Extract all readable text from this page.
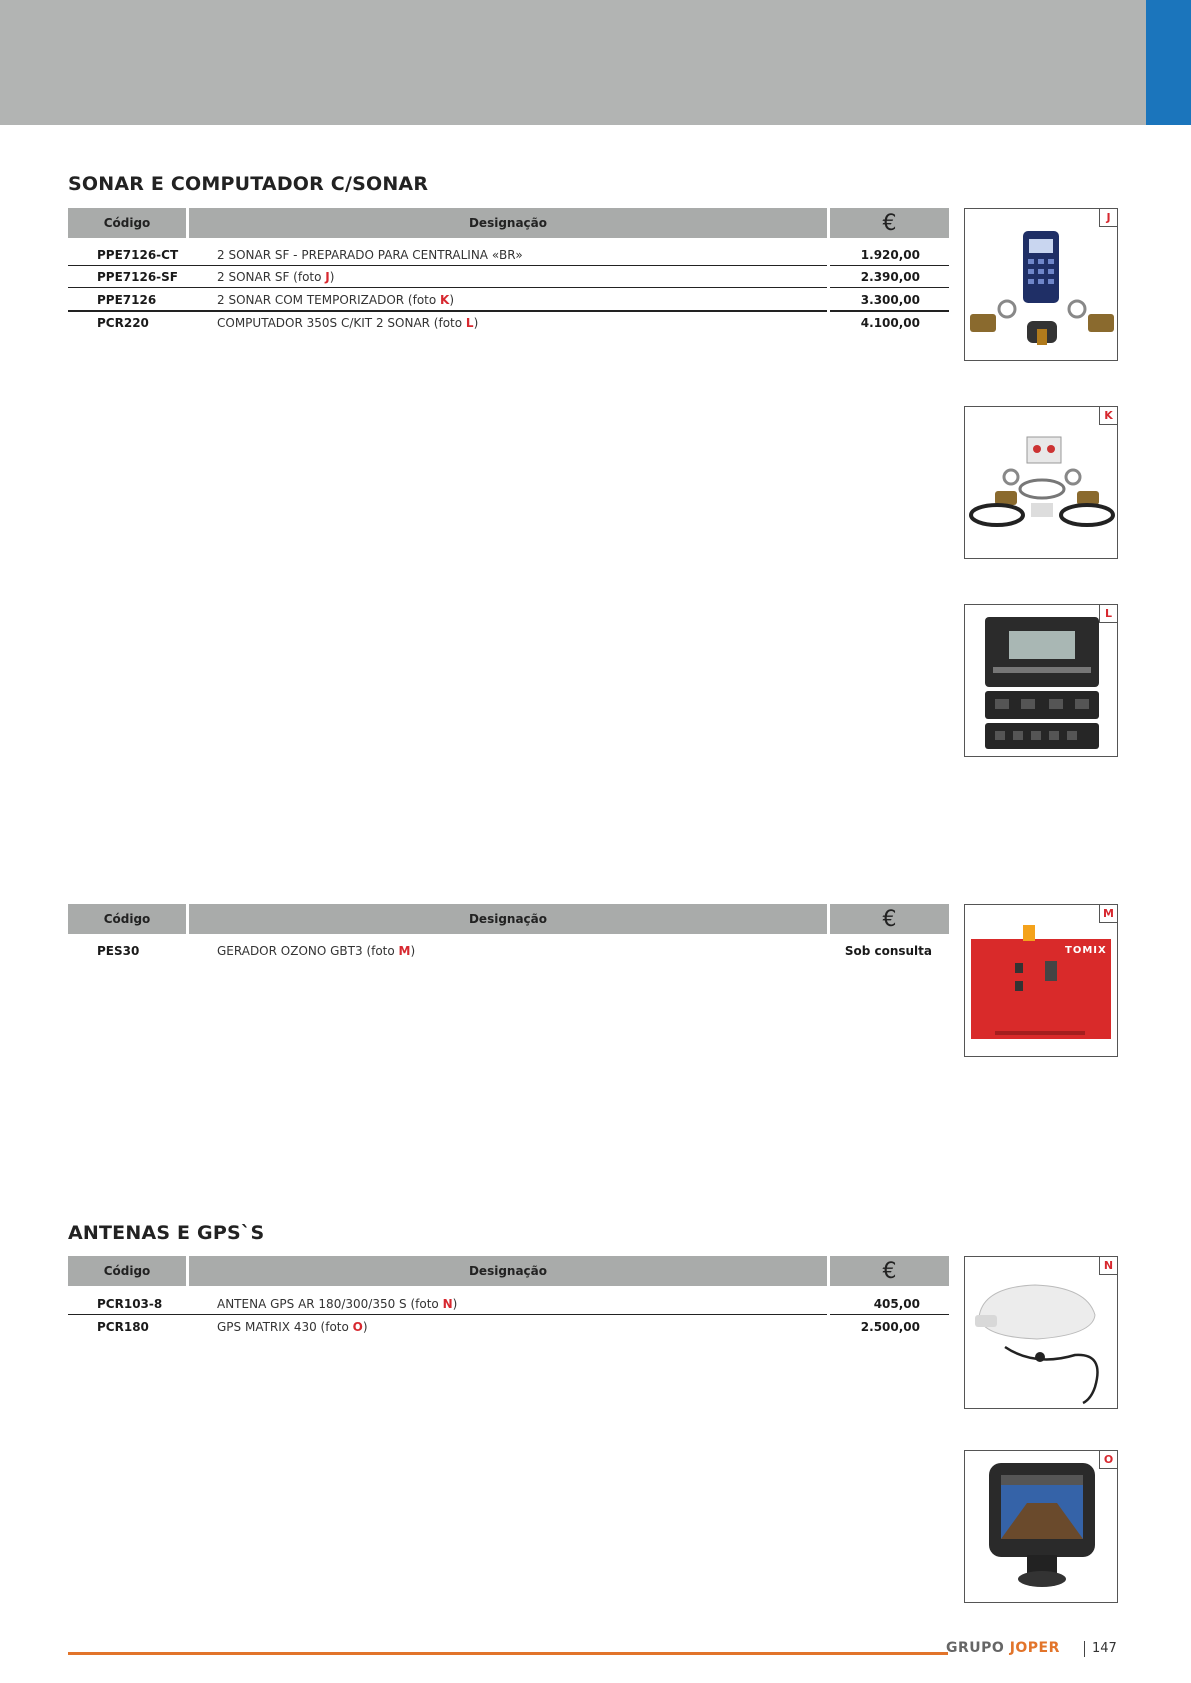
SONAR E COMPUTADOR C/SONAR
Código	Designação	€
PPE7126-CT	2 SONAR SF - PREPARADO PARA CENTRALINA «BR»	1.920,00
PPE7126-SF	2 SONAR SF (foto J)	2.390,00
PPE7126	2 SONAR COM TEMPORIZADOR (foto K)	3.300,00
PCR220	COMPUTADOR 350S C/KIT 2 SONAR (foto L)	4.100,00
Código	Designação	€
PES30	GERADOR OZONO GBT3 (foto M)	Sob consulta
ANTENAS E GPS`S
Código	Designação	€
PCR103-8	ANTENA GPS AR 180/300/350 S (foto N)	405,00
PCR180	GPS MATRIX 430 (foto O)	2.500,00
J
K
L
TOMIX
M
N
O
GRUPO JOPER 147
